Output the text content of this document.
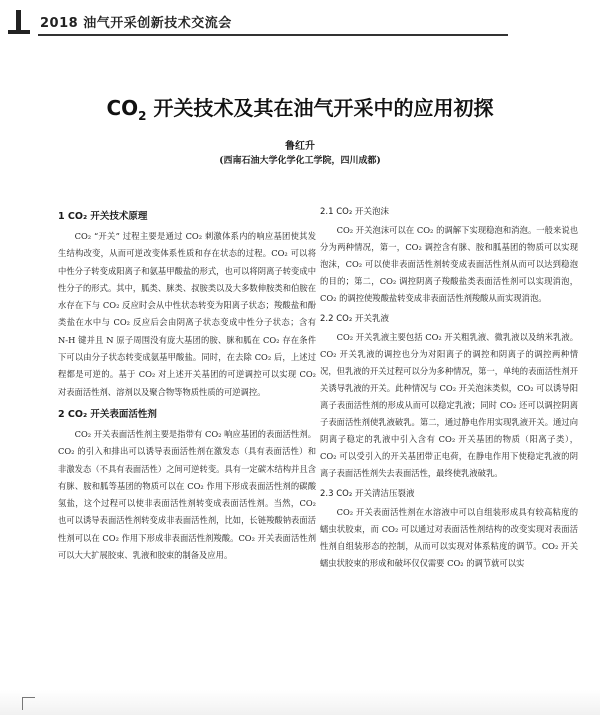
2018 油气开采创新技术交流会
$CO_2$ 开关技术及其在油气开采中的应用初探
鲁红升
(西南石油大学化学化工学院，四川成都)
1 CO₂ 开关技术原理

CO₂ “开关” 过程主要是通过 CO₂ 刺激体系内的响应基团使其发生结构改变，从而可逆改变体系性质和存在状态的过程。CO₂ 可以将中性分子转变成阳离子和氨基甲酸盐的形式，也可以将阴离子转变成中性分子的形式。其中，胍类、脒类、叔胺类以及大多数伸胺类和伯胺在水存在下与 CO₂ 反应时会从中性状态转变为阳离子状态；羧酸盐和酚类盐在水中与 CO₂ 反应后会由阴离子状态变成中性分子状态；含有 N-H 键并且 N 原子周围没有庞大基团的胺、脒和胍在 CO₂ 存在条件下可以由分子状态转变成氨基甲酸盐。同时，在去除 CO₂ 后，上述过程都是可逆的。基于 CO₂ 对上述开关基团的可逆调控可以实现 CO₂ 对表面活性剂、溶剂以及聚合物等物质性质的可逆调控。

2 CO₂ 开关表面活性剂

CO₂ 开关表面活性剂主要是指带有 CO₂ 响应基团的表面活性剂。CO₂ 的引入和排出可以诱导表面活性剂在激发态（具有表面活性）和非激发态（不具有表面活性）之间可逆转变。具有一定碳木结构并且含有脒、胺和胍等基团的物质可以在 CO₂ 作用下形成表面活性剂的碳酸氢盐，这个过程可以使非表面活性剂转变成表面活性剂。当然，CO₂ 也可以诱导表面活性剂转变成非表面活性剂，比如，长链羧酸钠表面活性剂可以在 CO₂ 作用下形成非表面活性剂羧酸。CO₂ 开关表面活性剂可以大大扩展胶束、乳液和胶束的制备及应用。

2.1 CO₂ 开关泡沫

CO₂ 开关泡沫可以在 CO₂ 的调解下实现稳泡和消泡。一般来说也分为两种情况，第一，CO₂ 调控含有脒、胺和胍基团的物质可以实现泡沫，CO₂ 可以使非表面活性剂转变成表面活性剂从而可以达到稳泡的目的；第二，CO₂ 调控阴离子羧酸盐类表面活性剂可以实现消泡，CO₂ 的调控使羧酸盐转变成非表面活性剂羧酸从而实现消泡。

2.2 CO₂ 开关乳液

CO₂ 开关乳液主要包括 CO₂ 开关粗乳液、微乳液以及纳米乳液。CO₂ 开关乳液的调控也分为对阳离子的调控和阴离子的调控两种情况，但乳液的开关过程可以分为多种情况，第一，单纯的表面活性剂开关诱导乳液的开关。此种情况与 CO₂ 开关泡沫类似，CO₂ 可以诱导阳离子表面活性剂的形成从而可以稳定乳液；同时 CO₂ 还可以调控阴离子表面活性剂使乳液破乳。第二，通过静电作用实现乳液开关。通过向阴离子稳定的乳液中引入含有 CO₂ 开关基团的物质（阳离子类），CO₂ 可以受引入的开关基团带正电荷，在静电作用下使稳定乳液的阴离子表面活性剂失去表面活性，最终使乳液破乳。

2.3 CO₂ 开关清洁压裂液

CO₂ 开关表面活性剂在水溶液中可以自组装形成具有较高粘度的蠕虫状胶束，而 CO₂ 可以通过对表面活性剂结构的改变实现对表面活性剂自组装形态的控制，从而可以实现对体系粘度的调节。CO₂ 开关蠕虫状胶束的形成和破坏仅仅需要 CO₂ 的调节就可以实
